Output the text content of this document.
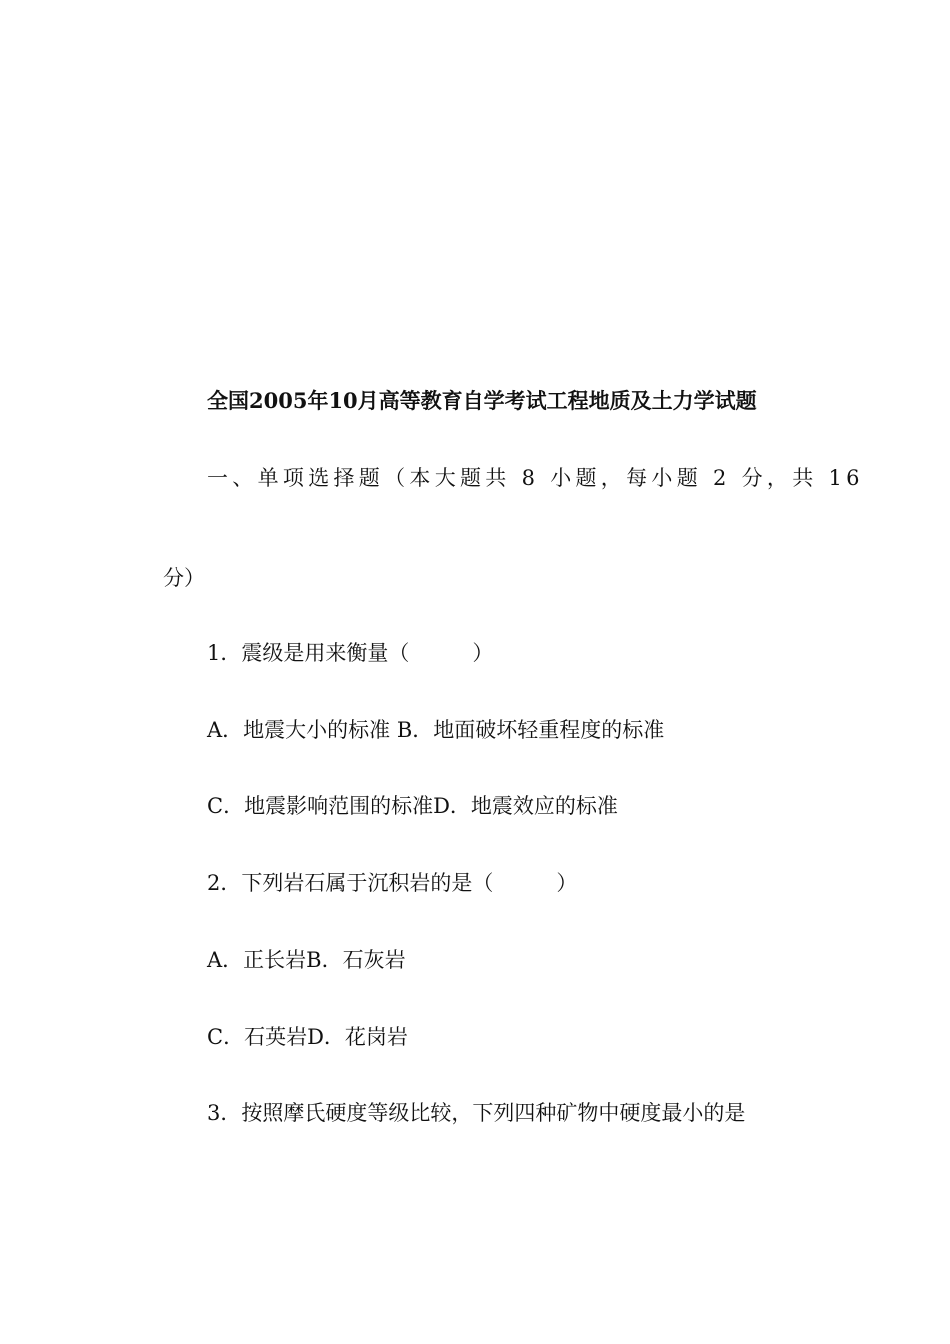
全国2005年10月高等教育自学考试工程地质及土力学试题
一、单项选择题（本大题共 8 小题，每小题 2 分，共 16
分）
1．震级是用来衡量（　　　）
A．地震大小的标准 B．地面破坏轻重程度的标准
C．地震影响范围的标准D．地震效应的标准
2．下列岩石属于沉积岩的是（　　　）
A．正长岩B．石灰岩
C．石英岩D．花岗岩
3．按照摩氏硬度等级比较，下列四种矿物中硬度最小的是
